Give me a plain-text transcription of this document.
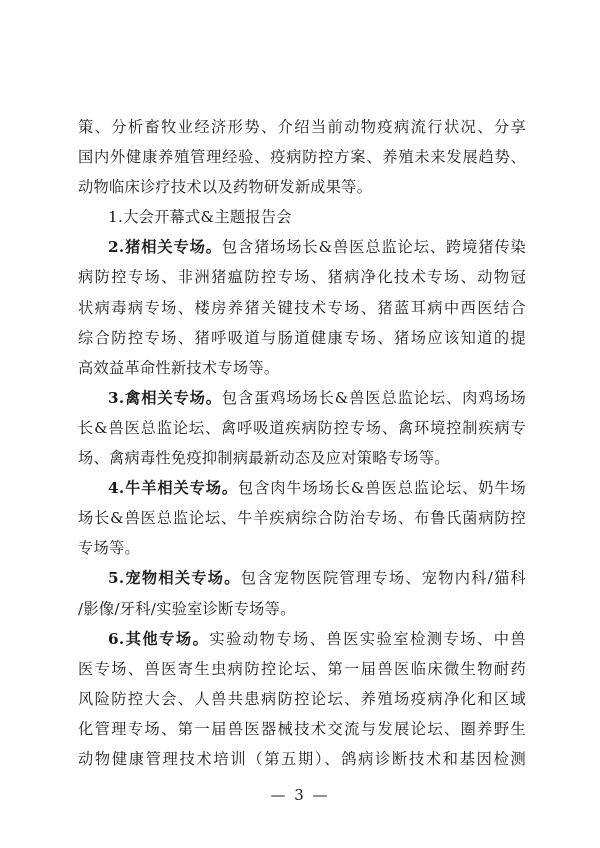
策、分析畜牧业经济形势、介绍当前动物疫病流行状况、分享
国内外健康养殖管理经验、疫病防控方案、养殖未来发展趋势、
动物临床诊疗技术以及药物研发新成果等。
1.大会开幕式&主题报告会
2.猪相关专场。包含猪场场长&兽医总监论坛、跨境猪传染
病防控专场、非洲猪瘟防控专场、猪病净化技术专场、动物冠
状病毒病专场、楼房养猪关键技术专场、猪蓝耳病中西医结合
综合防控专场、猪呼吸道与肠道健康专场、猪场应该知道的提
高效益革命性新技术专场等。
3.禽相关专场。包含蛋鸡场场长&兽医总监论坛、肉鸡场场
长&兽医总监论坛、禽呼吸道疾病防控专场、禽环境控制疾病专
场、禽病毒性免疫抑制病最新动态及应对策略专场等。
4.牛羊相关专场。包含肉牛场场长&兽医总监论坛、奶牛场
场长&兽医总监论坛、牛羊疾病综合防治专场、布鲁氏菌病防控
专场等。
5.宠物相关专场。包含宠物医院管理专场、宠物内科/猫科
/影像/牙科/实验室诊断专场等。
6.其他专场。实验动物专场、兽医实验室检测专场、中兽
医专场、兽医寄生虫病防控论坛、第一届兽医临床微生物耐药
风险防控大会、人兽共患病防控论坛、养殖场疫病净化和区域
化管理专场、第一届兽医器械技术交流与发展论坛、圈养野生
动物健康管理技术培训（第五期）、鸽病诊断技术和基因检测
— 3 —
